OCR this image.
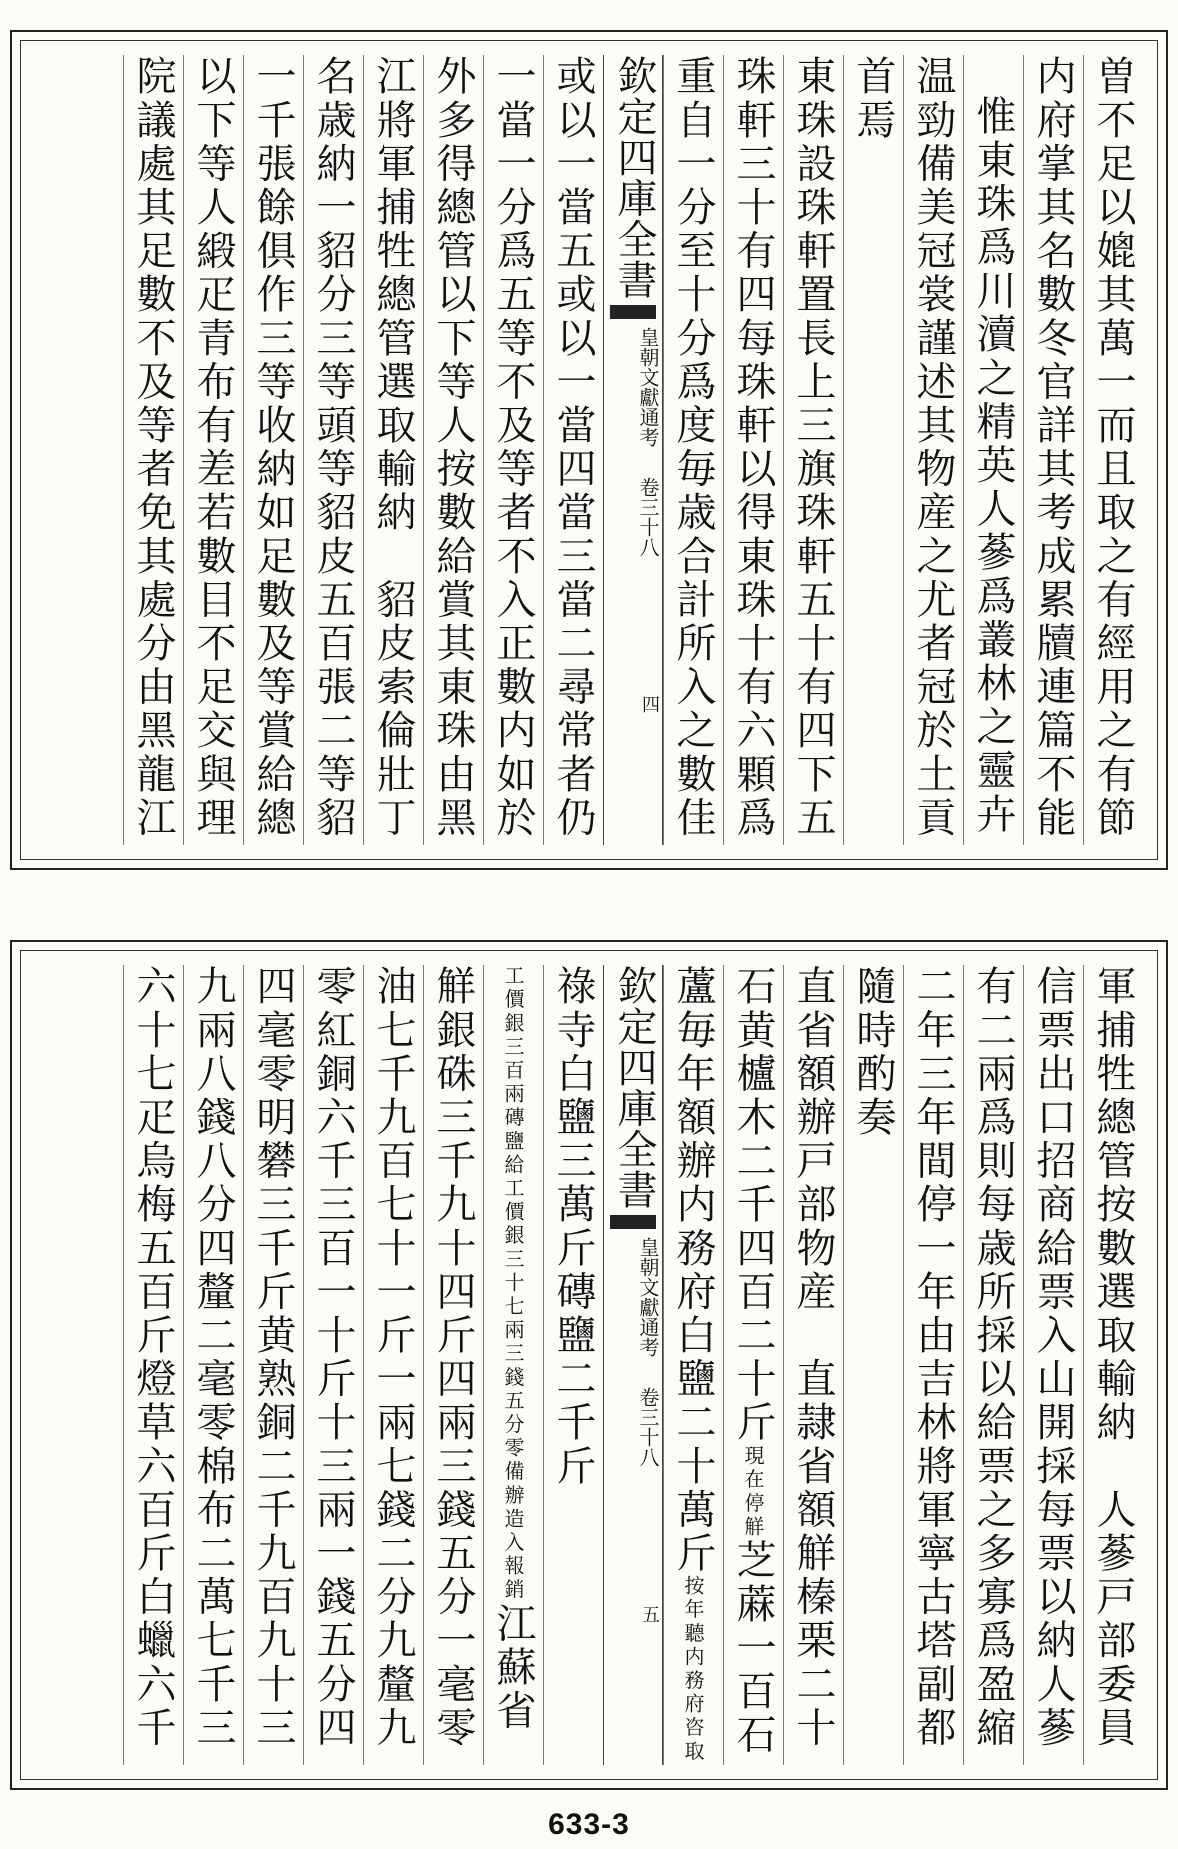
曽不足以媲其萬一而且取之有經用之有節
内府掌其名數冬官詳其考成累牘連篇不能
惟東珠爲川瀆之精英人蔘爲叢林之靈卉
温勁備美冠裳謹述其物産之尤者冠於土貢
首焉
東珠設珠軒置長上三旗珠軒五十有四下五
珠軒三十有四每珠軒以得東珠十有六顆爲
重自一分至十分爲度毎歳合計所入之數佳
欽定四庫全書
皇朝文獻通考
卷三十八
四
或以一當五或以一當四當三當二尋常者仍
一當一分爲五等不及等者不入正數内如於
外多得總管以下等人按數給賞其東珠由黑
江將軍捕牲總管選取輸納　貂皮索倫壯丁
名歳納一貂分三等頭等貂皮五百張二等貂
一千張餘俱作三等收納如足數及等賞給總
以下等人緞疋青布有差若數目不足交與理
院議處其足數不及等者免其處分由黑龍江
軍捕牲總管按數選取輸納　人蔘戸部委員
信票出口招商給票入山開採每票以納人蔘
有二兩爲則每歳所採以給票之多寡爲盈縮
二年三年間停一年由吉林將軍寧古塔副都
隨時酌奏
直省額辦戸部物産　直隷省額觧榛栗二十
石黄櫨木二千四百二十斤現在停觧芝蔴一百石
蘆毎年額辦内務府白鹽二十萬斤按年聽内務府咨取
欽定四庫全書
皇朝文獻通考
卷三十八
五
祿寺白鹽三萬斤磚鹽二千斤
工價銀三百兩磚鹽給工價銀三十七兩三錢五分零備辦造入報銷江蘇省
觧銀硃三千九十四斤四兩三錢五分一毫零
油七千九百七十一斤一兩七錢二分九釐九
零紅銅六千三百一十斤十三兩一錢五分四
四毫零明礬三千斤黄熟銅二千九百九十三
九兩八錢八分四釐二毫零棉布二萬七千三
六十七疋烏梅五百斤燈草六百斤白蠟六千
633-3
